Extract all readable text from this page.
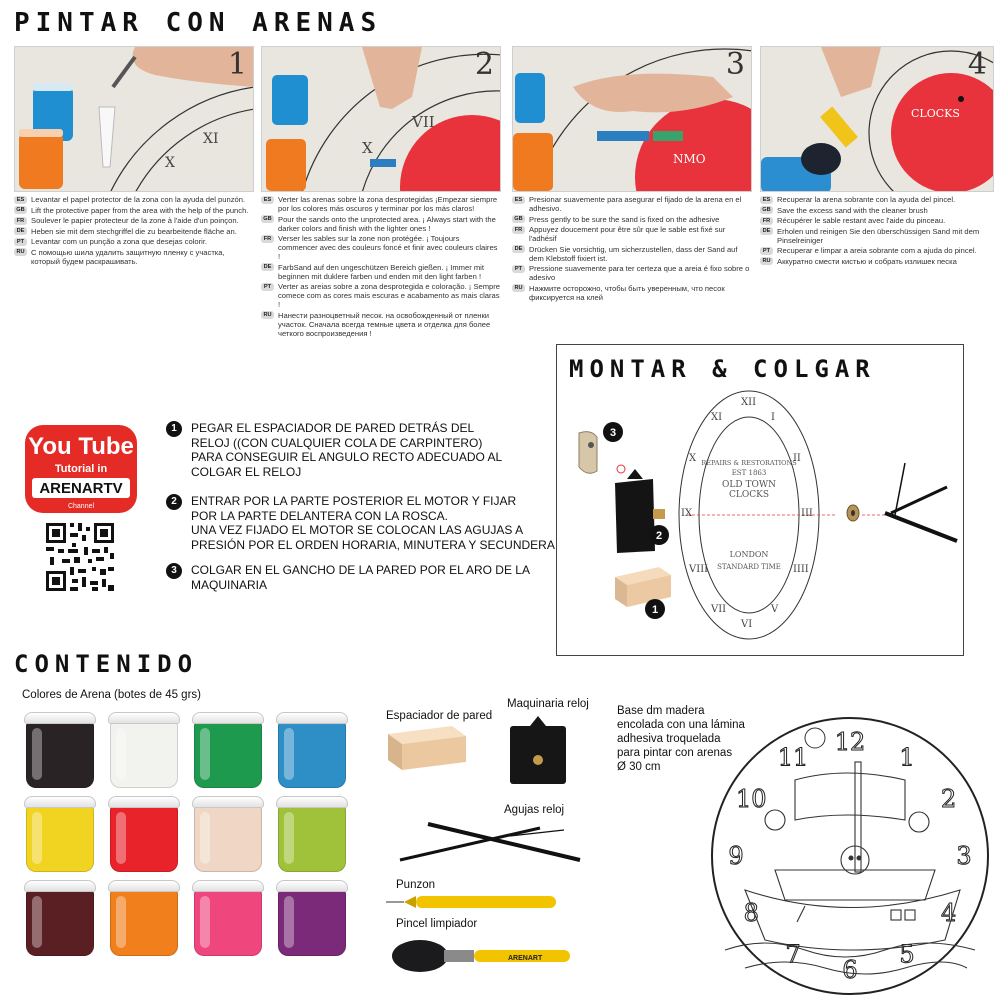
PINTAR CON ARENAS
X
XI
1
ES Levantar el papel protector de la zona con la ayuda del punzón.
GB Lift the protective paper from the area with the help of the punch.
FR Soulever le papier protecteur de la zone à l'aide d'un poinçon.
DE Heben sie mit dem stechgriffel die zu bearbeitende fläche an.
PT Levantar com un punção a zona que desejas colorir.
RU С помощью шила удалить защитную пленку с участка, который будем раскрашивать.
VII
X
2
ES Verter las arenas sobre la zona desprotegidas ¡Empezar siempre por los colores más oscuros y terminar por los más claros!
GB Pour the sands onto the unprotected area. ¡ Always start with the darker colors and finish with the lighter ones !
FR Verser les sables sur la zone non protégée. ¡ Toujours commencer avec des couleurs foncé et finir avec couleurs claires !
DE FarbSand auf den ungeschützen Bereich gießen. ¡ Immer mit beginnen mit duklere farben und enden mit den light farben !
PT Verter as areias sobre a zona desprotegida e coloração. ¡ Sempre comece com as cores mais escuras e acabamento as mais claras !
RU Нанести разноцветный песок. на освобожденный от пленки участок. Сначала всегда темные цвета и отделка для более четкого воспроизведения !
NMO
3
ES Presionar suavemente para asegurar el fijado de la arena en el adhesivo.
GB Press gently to be sure the sand is fixed on the adhesive
FR Appuyez doucement pour être sûr que le sable est fixé sur l'adhésif
DE Drücken Sie vorsichtig, um sicherzustellen, dass der Sand auf dem Klebstoff fixiert ist.
PT Pressione suavemente para ter certeza que a areia é fixo sobre o adesivo
RU Нажмите осторожно, чтобы быть уверенным, что песок фиксируется на клей
CLOCKS
4
ES Recuperar la arena sobrante con la ayuda del pincel.
GB Save the excess sand with the cleaner brush
FR Récupérer le sable restant avec l'aide du pinceau.
DE Erholen und reinigen Sie den überschüssigen Sand mit dem Pinselreiniger
PT Recuperar e limpar a areia sobrante com a ajuda do pincel.
RU Аккуратно смести кистью и собрать излишек песка
You Tube
Tutorial in
ARENARTV
Channel
1	PEGAR EL ESPACIADOR DE PARED DETRÁS DEL
RELOJ ((CON CUALQUIER COLA DE CARPINTERO)
PARA CONSEGUIR EL ANGULO RECTO ADECUADO AL
COLGAR EL RELOJ
2	ENTRAR POR LA PARTE POSTERIOR EL MOTOR Y FIJAR
POR LA PARTE DELANTERA CON LA ROSCA.
UNA VEZ FIJADO EL MOTOR SE COLOCAN LAS AGUJAS A
PRESIÓN POR EL ORDEN HORARIA, MINUTERA Y SECUNDERA
3	COLGAR EN EL GANCHO DE LA PARED POR EL ARO DE LA
MAQUINARIA
MONTAR & COLGAR
REPAIRS & RESTORATIONS
EST 1863
OLD TOWN
CLOCKS
LONDON
STANDARD TIME
3
2
1
XII
I
II
III
IIII
V
VI
VII
VIII
IX
X
XI
CONTENIDO
Colores de Arena (botes de 45 grs)
Espaciador de pared
Maquinaria reloj
Agujas reloj
Punzon
Pincel limpiador
Base dm madera
encolada con una lámina
adhesiva troquelada
para pintar con arenas
Ø 30 cm
ARENART
12
1
2
3
4
5
6
7
8
9
10
11
